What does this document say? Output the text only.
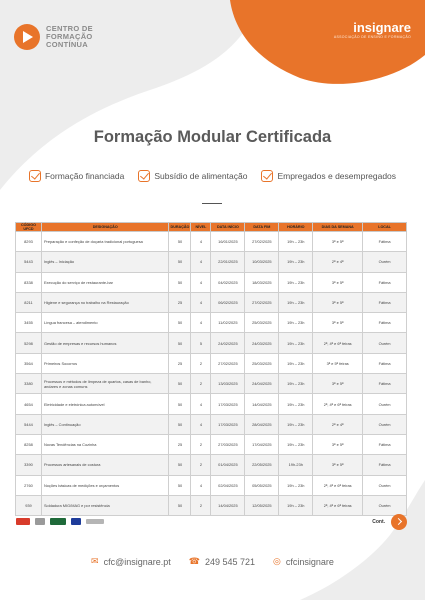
CENTRO DE
FORMAÇÃO
CONTÍNUA
insignare
ASSOCIAÇÃO DE ENSINO E FORMAÇÃO
Formação Modular Certificada
Formação financiada	Subsídio de alimentação	Empregados e desempregados
CÓDIGO UFCD	DESIGNAÇÃO	DURAÇÃO	NÍVEL	DATA INÍCIO	DATA FIM	HORÁRIO	DIAS DA SEMANA	LOCAL
8293	Preparação e confeção de doçaria tradicional portuguesa	50	4	16/01/2025	27/02/2025	19h – 23h	3ª e 5ª	Fátima
5443	Inglês – Iniciação	50	4	22/01/2025	10/03/2025	19h – 23h	2ª e 4ª	Ourém
8338	Execução do serviço de restaurante-bar	50	4	04/02/2025	18/03/2025	19h – 23h	3ª e 5ª	Fátima
8211	Higiene e segurança no trabalho na Restauração	25	4	06/02/2025	27/02/2025	19h – 23h	3ª e 5ª	Fátima
3455	Língua francesa – atendimento	50	4	11/02/2025	25/03/2025	19h – 23h	3ª e 5ª	Fátima
5298	Gestão de empresas e recursos humanos	50	5	24/02/2025	24/03/2025	19h – 23h	2ª, 4ª e 6ª feiras	Ourém
3564	Primeiros Socorros	25	2	27/02/2025	25/03/2025	19h – 23h	3ª e 5ª feiras	Fátima
3380	Processos e métodos de limpeza de quartos, casas de banho, andares e zonas comuns	50	2	13/03/2025	24/04/2025	19h – 23h	3ª e 5ª	Fátima
4654	Eletricidade e eletrónica automóvel	50	4	17/03/2025	14/04/2025	19h – 23h	2ª, 4ª e 6ª feiras	Ourém
5444	Inglês – Continuação	50	4	17/03/2025	28/04/2025	19h – 23h	2ª e 4ª	Ourém
8258	Novas Tendências na Cozinha	25	2	27/03/2025	17/04/2025	19h – 23h	3ª e 5ª	Fátima
3390	Processos artesanais de costura	50	2	01/04/2025	22/05/2025	19h-23h	3ª e 5ª	Fátima
2760	Noções básicas de medições e orçamentos	50	4	02/04/2025	05/05/2025	19h – 23h	2ª, 4ª e 6ª feiras	Ourém
939	Soldadura MIG/MAG e por resistência	50	2	14/04/2025	12/05/2025	19h – 23h	2ª, 4ª e 6ª feiras	Ourém
Cont.
✉ cfc@insignare.pt ☎ 249 545 721 ◎ cfcinsignare
